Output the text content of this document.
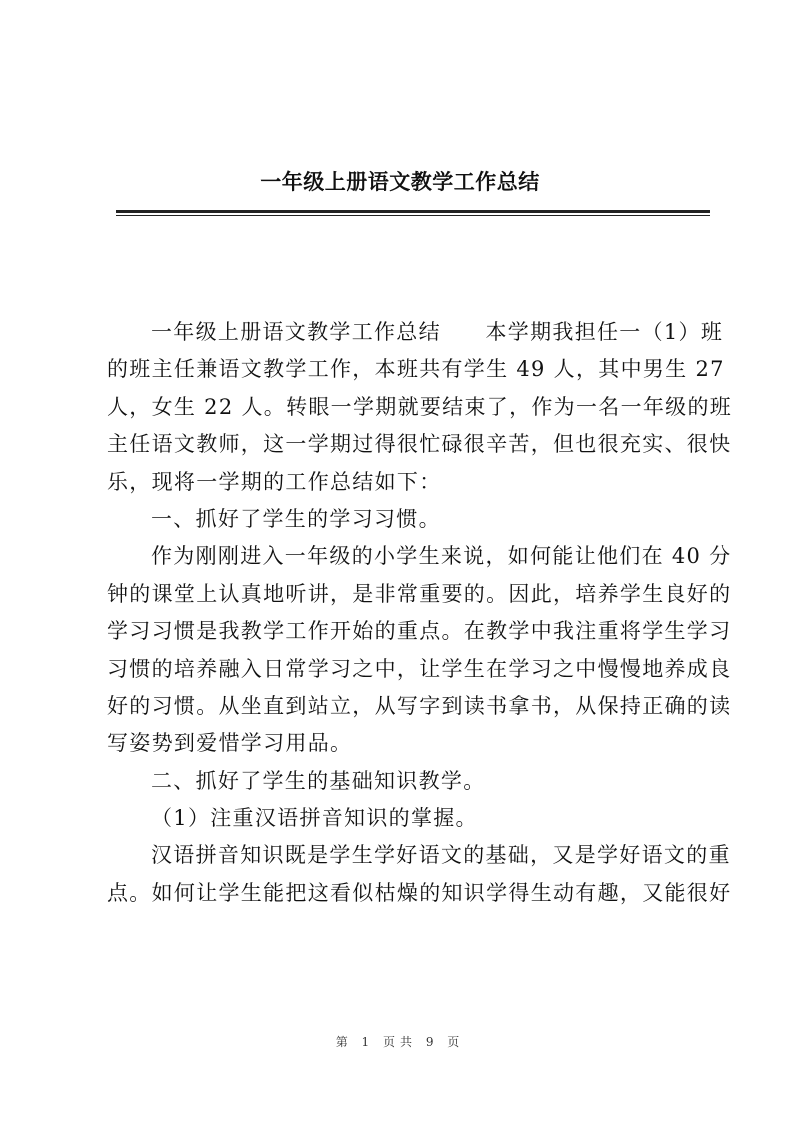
一年级上册语文教学工作总结
一年级上册语文教学工作总结　　本学期我担任一（1）班
的班主任兼语文教学工作，本班共有学生 49 人，其中男生 27
人，女生 22 人。转眼一学期就要结束了，作为一名一年级的班
主任语文教师，这一学期过得很忙碌很辛苦，但也很充实、很快
乐，现将一学期的工作总结如下：
一、抓好了学生的学习习惯。
作为刚刚进入一年级的小学生来说，如何能让他们在 40 分
钟的课堂上认真地听讲，是非常重要的。因此，培养学生良好的
学习习惯是我教学工作开始的重点。在教学中我注重将学生学习
习惯的培养融入日常学习之中，让学生在学习之中慢慢地养成良
好的习惯。从坐直到站立，从写字到读书拿书，从保持正确的读
写姿势到爱惜学习用品。
二、抓好了学生的基础知识教学。
（1）注重汉语拼音知识的掌握。
汉语拼音知识既是学生学好语文的基础，又是学好语文的重
点。如何让学生能把这看似枯燥的知识学得生动有趣，又能很好
第 1 页共 9 页
